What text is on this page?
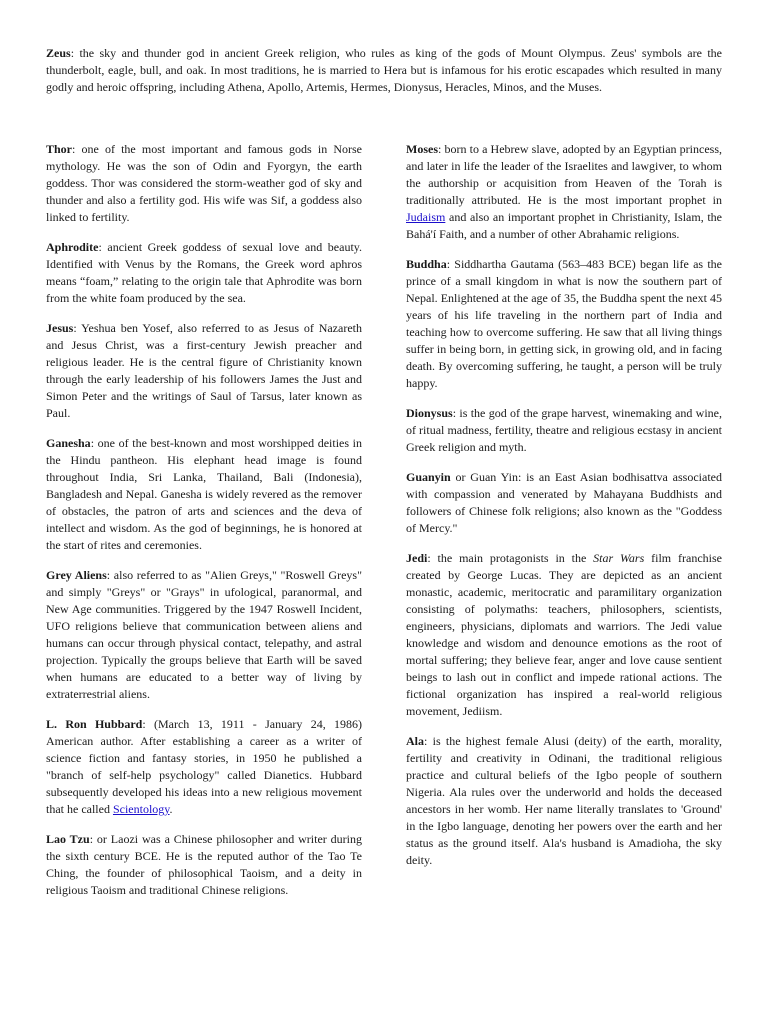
Zeus: the sky and thunder god in ancient Greek religion, who rules as king of the gods of Mount Olympus. Zeus' symbols are the thunderbolt, eagle, bull, and oak. In most traditions, he is married to Hera but is infamous for his erotic escapades which resulted in many godly and heroic offspring, including Athena, Apollo, Artemis, Hermes, Dionysus, Heracles, Minos, and the Muses.

Thor: one of the most important and famous gods in Norse mythology. He was the son of Odin and Fyorgyn, the earth goddess. Thor was considered the storm-weather god of sky and thunder and also a fertility god. His wife was Sif, a goddess also linked to fertility.

Aphrodite: ancient Greek goddess of sexual love and beauty. Identified with Venus by the Romans, the Greek word aphros means “foam,” relating to the origin tale that Aphrodite was born from the white foam produced by the sea.

Jesus: Yeshua ben Yosef, also referred to as Jesus of Nazareth and Jesus Christ, was a first-century Jewish preacher and religious leader. He is the central figure of Christianity known through the early leadership of his followers James the Just and Simon Peter and the writings of Saul of Tarsus, later known as Paul.

Ganesha: one of the best-known and most worshipped deities in the Hindu pantheon. His elephant head image is found throughout India, Sri Lanka, Thailand, Bali (Indonesia), Bangladesh and Nepal. Ganesha is widely revered as the remover of obstacles, the patron of arts and sciences and the deva of intellect and wisdom. As the god of beginnings, he is honored at the start of rites and ceremonies.

Grey Aliens: also referred to as "Alien Greys," "Roswell Greys" and simply "Greys" or "Grays" in ufological, paranormal, and New Age communities. Triggered by the 1947 Roswell Incident, UFO religions believe that communication between aliens and humans can occur through physical contact, telepathy, and astral projection. Typically the groups believe that Earth will be saved when humans are educated to a better way of living by extraterrestrial aliens.

L. Ron Hubbard: (March 13, 1911 - January 24, 1986) American author. After establishing a career as a writer of science fiction and fantasy stories, in 1950 he published a "branch of self-help psychology" called Dianetics. Hubbard subsequently developed his ideas into a new religious movement that he called Scientology.

Lao Tzu: or Laozi was a Chinese philosopher and writer during the sixth century BCE. He is the reputed author of the Tao Te Ching, the founder of philosophical Taoism, and a deity in religious Taoism and traditional Chinese religions.

Moses: born to a Hebrew slave, adopted by an Egyptian princess, and later in life the leader of the Israelites and lawgiver, to whom the authorship or acquisition from Heaven of the Torah is traditionally attributed. He is the most important prophet in Judaism and also an important prophet in Christianity, Islam, the Bahá'í Faith, and a number of other Abrahamic religions.

Buddha: Siddhartha Gautama (563–483 BCE) began life as the prince of a small kingdom in what is now the southern part of Nepal. Enlightened at the age of 35, the Buddha spent the next 45 years of his life traveling in the northern part of India and teaching how to overcome suffering. He saw that all living things suffer in being born, in getting sick, in growing old, and in facing death. By overcoming suffering, he taught, a person will be truly happy.

Dionysus: is the god of the grape harvest, winemaking and wine, of ritual madness, fertility, theatre and religious ecstasy in ancient Greek religion and myth.

Guanyin or Guan Yin: is an East Asian bodhisattva associated with compassion and venerated by Mahayana Buddhists and followers of Chinese folk religions; also known as the "Goddess of Mercy."

Jedi: the main protagonists in the Star Wars film franchise created by George Lucas. They are depicted as an ancient monastic, academic, meritocratic and paramilitary organization consisting of polymaths: teachers, philosophers, scientists, engineers, physicians, diplomats and warriors. The Jedi value knowledge and wisdom and denounce emotions as the root of mortal suffering; they believe fear, anger and love cause sentient beings to lash out in conflict and impede rational actions. The fictional organization has inspired a real-world religious movement, Jediism.

Ala: is the highest female Alusi (deity) of the earth, morality, fertility and creativity in Odinani, the traditional religious practice and cultural beliefs of the Igbo people of southern Nigeria. Ala rules over the underworld and holds the deceased ancestors in her womb. Her name literally translates to 'Ground' in the Igbo language, denoting her powers over the earth and her status as the ground itself. Ala's husband is Amadioha, the sky deity.
